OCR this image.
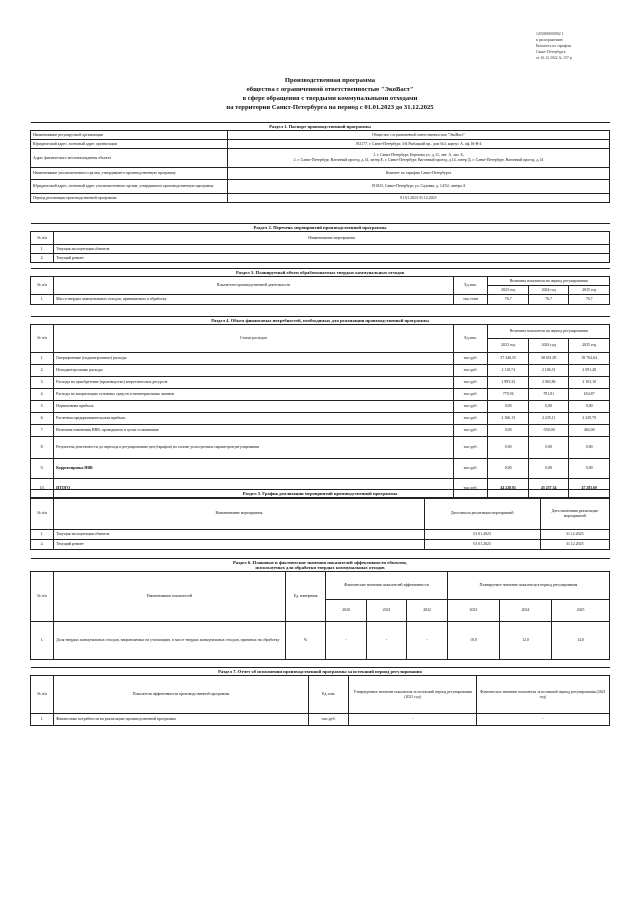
1292600000802 1
к распоряжению
Комитета по тарифам
Санкт-Петербурга
от 16.12.2022 № 157-р
Производственная программа
общества с ограниченной ответственностью "ЭкоВаст"
в сфере обращения с твердыми коммунальными отходами
на территории Санкт-Петербурга на период с 01.01.2023 до 31.12.2025
Раздел 1. Паспорт производственной программы	
Наименование регулируемой организации	Общество с ограниченной ответственностью "ЭкоВаст"
Юридический адрес, почтовый адрес организации	192177, г. Санкт-Петербург, 3-й Рыбацкий пр., дом №3, корпус А, оф.16-Н-4
Адрес фактического местонахождения объекта	1. г. Санкт-Петербург, Березова ул., д.11, лит. А, лит. Б;
2. г. Санкт-Петербург, Вагонный проезд, д.14, литер Е, г. Санкт-Петербург, Вагонный проезд, д.14, литер Д, г. Санкт-Петербург, Вагонный проезд, д.14

Наименование уполномоченного органа, утвердившего производственную программу	Комитет по тарифам Санкт-Петербурга
Юридический адрес, почтовый адрес уполномоченного органа, утвердившего производственную программу	191023, Санкт-Петербург, ул. Садовая, д. 14/52, литера А
Период реализации производственной программы	01.01.2023-31.12.2025
Раздел 2. Перечень мероприятий производственной программы	
№ п/п	Наименование мероприятия
1.	Текущая эксплуатация объектов
2.	Текущий ремонт
Раздел 3. Планируемый объем обрабатываемых твердых коммунальных отходов					
№ п/п	Показатели производственной деятельности	Ед.изм.	Величина показателя на период регулирования		
			2023 год	2024 год	2025 год
1.	Масса твердых коммунальных отходов, принимаемых в обработку	тыс.тонн	76,7	76,7	76,7
Раздел 4. Объем финансовых потребностей, необходимых для реализации производственной программы					
№ п/п	Статьи расходов	Ед.изм.	Величина показателя на период регулирования		
			2023 год	2024 год	2025 год
1.	Операционные (подконтрольные) расходы	тыс.руб.	37 240,55	38 651,85	39 762,64
2.	Неподконтрольные расходы	тыс.руб.	2 118,74	2 106,51	2 091,28
3.	Расходы на приобретение (производство) энергетических ресурсов	тыс.руб.	1 993,33	2 063,86	2 103,10
4.	Расходы на амортизацию основных средств и нематериальных активов	тыс.руб.	779,56	791,81	654,87
5.	Нормативная прибыль	тыс.руб.	0,00	0,00	0,00
6.	Расчетная предпринимательская прибыль	тыс.руб.	2 166,13	2 235,11	2 229,79
7.	Величина изменения НВВ, проводимого в целях сглаживания	тыс.руб.	0,00	-550,00	462,00
8.	Результаты деятельности до перехода к регулированию цен (тарифов) на основе долгосрочных параметров регулирования	тыс.руб.	0,00	0,00	0,00
9.	Корректировка НВВ	тыс.руб.	0,00	0,00	0,00
10.	ИТОГО	тыс.руб.	44 228,81	45 257,34	47 285,69
Раздел 5. График реализации мероприятий производственной программы			
№ п/п	Наименование мероприятия	Дата начала реализации мероприятий	Дата окончания реализации мероприятий
1.	Текущая эксплуатация объектов	01.01.2023	31.12.2025
2.	Текущий ремонт	01.01.2023	31.12.2025
Раздел 6. Плановые и фактические значения показателей эффективности объектов,
используемых для обработки твердых коммунальных отходов								

№ п/п	Наименование показателей	Ед. измерения	Фактические значения показателей эффективности			Планируемое значение показателя в период регулирования		
			2020	2021	2022	2023	2024	2025
1.	Доля твердых коммунальных отходов, направляемых на утилизацию, в массе твердых коммунальных отходов, принятых на обработку	%	-	-	-	10,0	12,0	14,0
Раздел 7. Отчет об исполнении производственной программы за истекший период регулирования				
№ п/п	Показатели эффективности производственной программы	Ед. изм.	Утвержденное значение показателя за истекший период регулирования (2021 год)	Фактическое значение показателя за истекший период регулирования (2021 год)
1.	Финансовые потребности на реализацию производственной программы	тыс.руб.	-	-
